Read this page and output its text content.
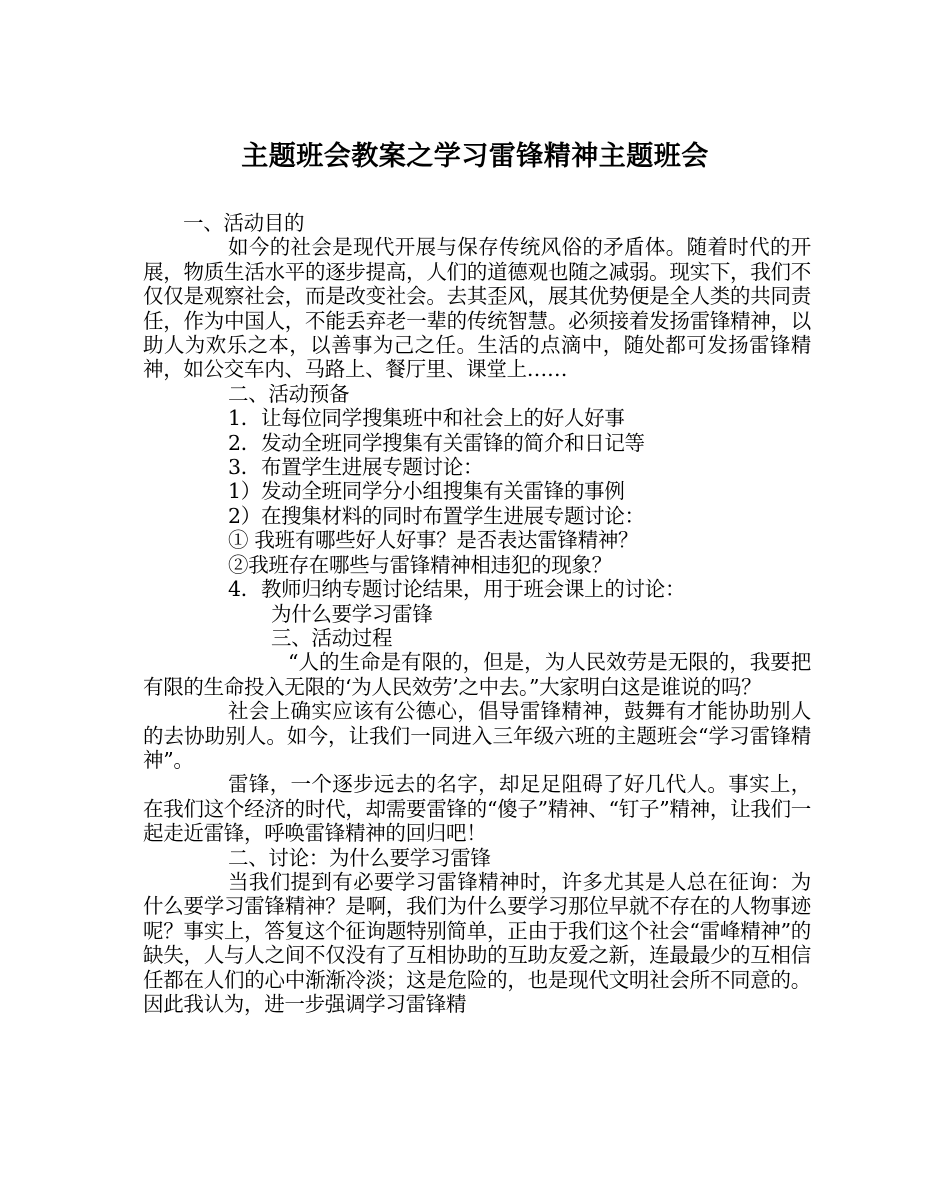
主题班会教案之学习雷锋精神主题班会

一、活动目的

如今的社会是现代开展与保存传统风俗的矛盾体。随着时代的开展，物质生活水平的逐步提高，人们的道德观也随之减弱。现实下，我们不仅仅是观察社会，而是改变社会。去其歪风，展其优势便是全人类的共同责任，作为中国人，不能丢弃老一辈的传统智慧。必须接着发扬雷锋精神，以助人为欢乐之本，以善事为己之任。生活的点滴中，随处都可发扬雷锋精神，如公交车内、马路上、餐厅里、课堂上……

二、活动预备

1．让每位同学搜集班中和社会上的好人好事

2．发动全班同学搜集有关雷锋的简介和日记等

3．布置学生进展专题讨论：

1）发动全班同学分小组搜集有关雷锋的事例

2）在搜集材料的同时布置学生进展专题讨论：

① 我班有哪些好人好事？是否表达雷锋精神？

②我班存在哪些与雷锋精神相违犯的现象？

4．教师归纳专题讨论结果，用于班会课上的讨论：

为什么要学习雷锋

三、活动过程

“人的生命是有限的，但是，为人民效劳是无限的，我要把有限的生命投入无限的‘为人民效劳’之中去。”大家明白这是谁说的吗？

社会上确实应该有公德心，倡导雷锋精神，鼓舞有才能协助别人的去协助别人。如今，让我们一同进入三年级六班的主题班会“学习雷锋精神”。

雷锋，一个逐步远去的名字，却足足阻碍了好几代人。事实上，在我们这个经济的时代，却需要雷锋的“傻子”精神、“钉子”精神，让我们一起走近雷锋，呼唤雷锋精神的回归吧！

二、讨论：为什么要学习雷锋

当我们提到有必要学习雷锋精神时，许多尤其是人总在征询：为什么要学习雷锋精神？是啊，我们为什么要学习那位早就不存在的人物事迹呢？事实上，答复这个征询题特别简单，正由于我们这个社会“雷峰精神”的缺失，人与人之间不仅没有了互相协助的互助友爱之新，连最最少的互相信任都在人们的心中渐渐冷淡；这是危险的，也是现代文明社会所不同意的。因此我认为，进一步强调学习雷锋精
